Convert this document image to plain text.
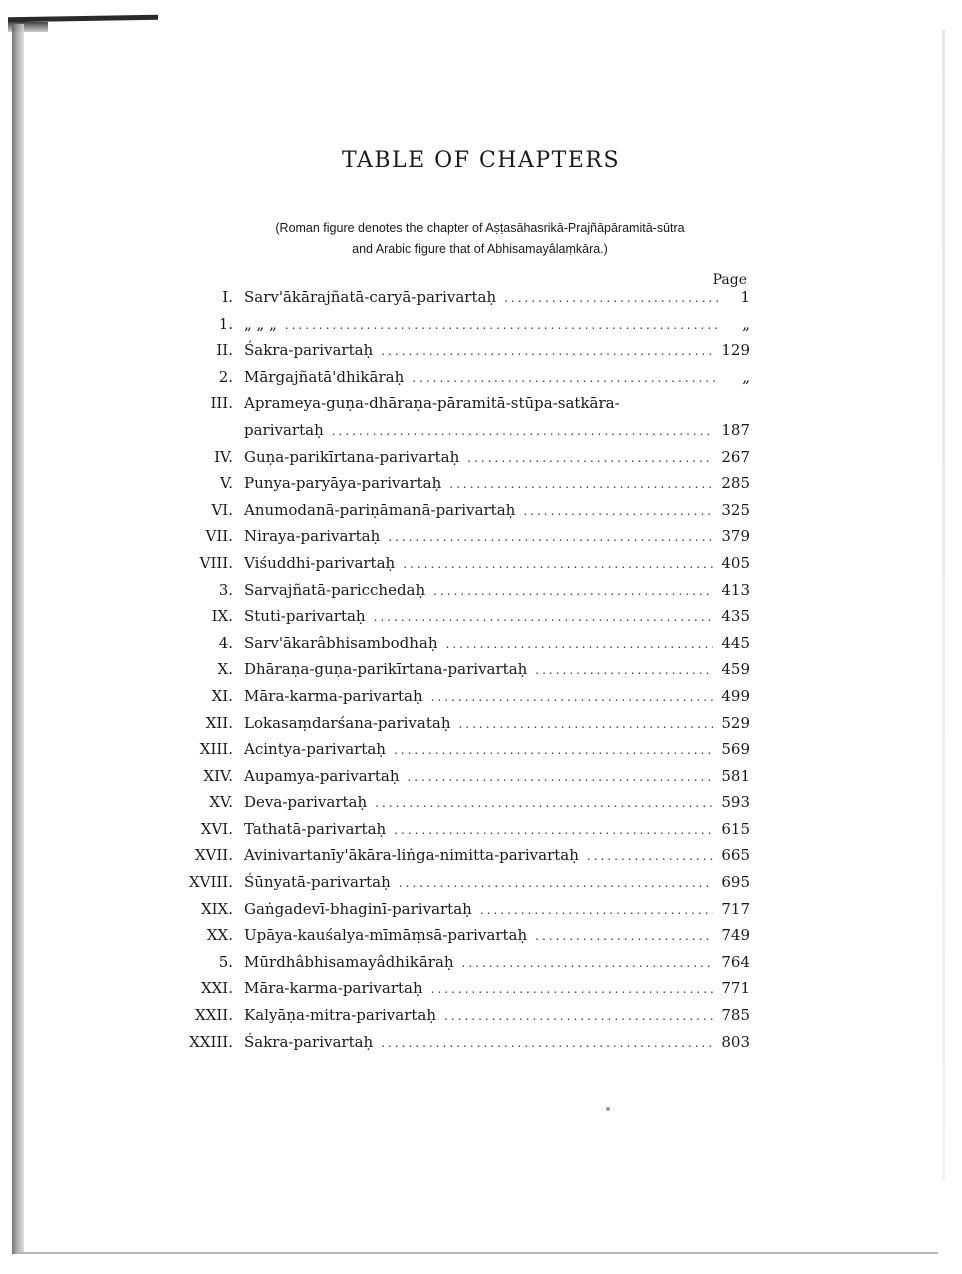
TABLE OF CHAPTERS

(Roman figure denotes the chapter of Aṣṭasāhasrikā-Prajñāpāramitā-sūtra

and Arabic figure that of Abhisamayâlaṃkāra.)

Page
I. Sarv'ākārajñatā-caryā-parivartaḥ .....	1
1. „ „ „ .....	„
II. Śakra-parivartaḥ .....	129
2. Mārgajñatā'dhikāraḥ .....	„
III. Aprameya-guṇa-dhāraṇa-pāramitā-stūpa-satkāra-
parivartaḥ .....	187
IV. Guṇa-parikīrtana-parivartaḥ .....	267
V. Punya-paryāya-parivartaḥ .....	285
VI. Anumodanā-pariṇāmanā-parivartaḥ .....	325
VII. Niraya-parivartaḥ .....	379
VIII. Viśuddhi-parivartaḥ .....	405
3. Sarvajñatā-paricchedaḥ .....	413
IX. Stuti-parivartaḥ .....	435
4. Sarv'ākarâbhisambodhaḥ .....	445
X. Dhāraṇa-guṇa-parikīrtana-parivartaḥ .....	459
XI. Māra-karma-parivartaḥ .....	499
XII. Lokasaṃdarśana-parivataḥ .....	529
XIII. Acintya-parivartaḥ .....	569
XIV. Aupamya-parivartaḥ .....	581
XV. Deva-parivartaḥ .....	593
XVI. Tathatā-parivartaḥ .....	615
XVII. Avinivartanīy'ākāra-liṅga-nimitta-parivartaḥ .....	665
XVIII. Śūnyatā-parivartaḥ .....	695
XIX. Gaṅgadevī-bhaginī-parivartaḥ .....	717
XX. Upāya-kauśalya-mīmāṃsā-parivartaḥ .....	749
5. Mūrdhâbhisamayâdhikāraḥ .....	764
XXI. Māra-karma-parivartaḥ .....	771
XXII. Kalyāṇa-mitra-parivartaḥ .....	785
XXIII. Śakra-parivartaḥ .....	803
